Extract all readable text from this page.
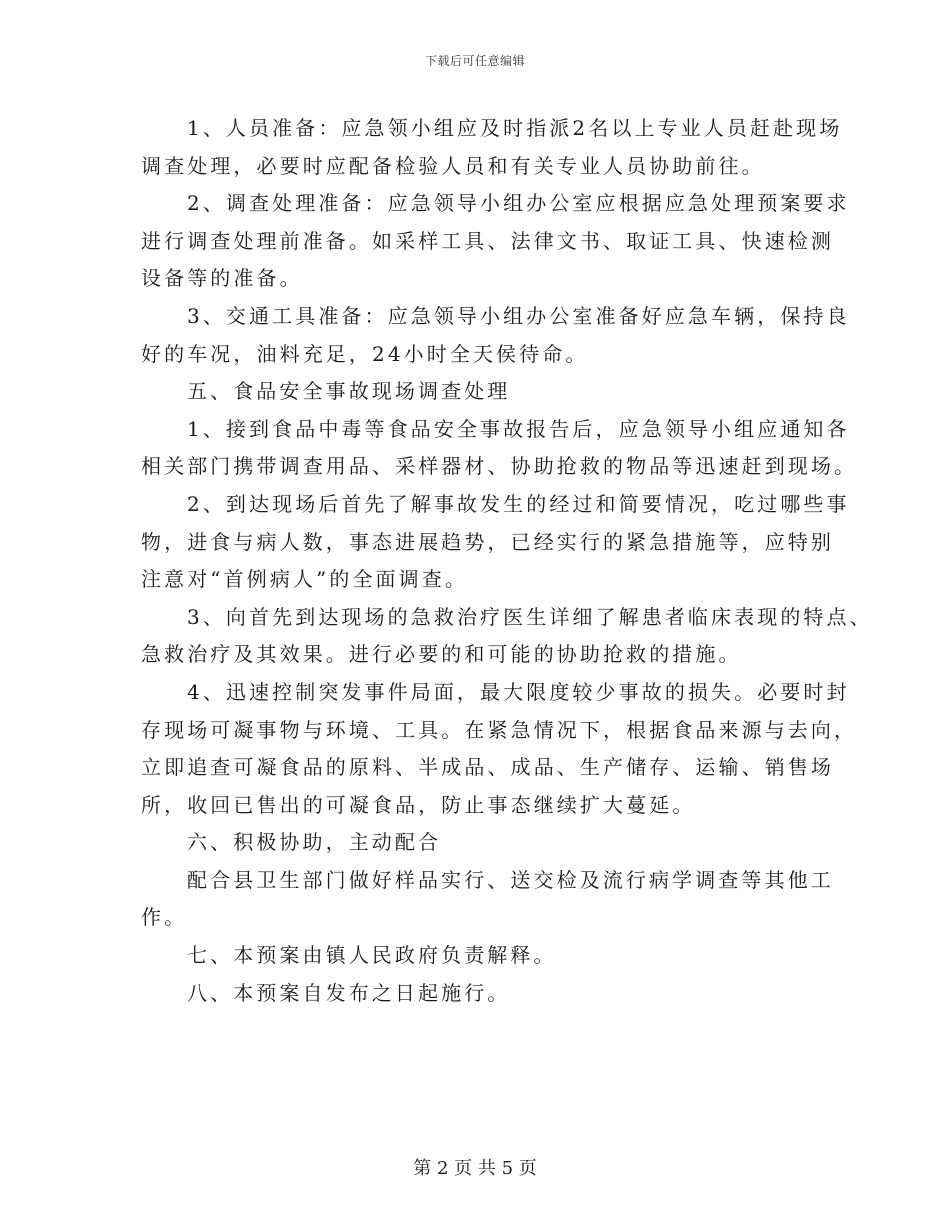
下载后可任意编辑
1、人员准备：应急领小组应及时指派2名以上专业人员赶赴现场
调查处理，必要时应配备检验人员和有关专业人员协助前往。
2、调查处理准备：应急领导小组办公室应根据应急处理预案要求
进行调查处理前准备。如采样工具、法律文书、取证工具、快速检测
设备等的准备。
3、交通工具准备：应急领导小组办公室准备好应急车辆，保持良
好的车况，油料充足，24小时全天侯待命。
五、食品安全事故现场调查处理
1、接到食品中毒等食品安全事故报告后，应急领导小组应通知各
相关部门携带调查用品、采样器材、协助抢救的物品等迅速赶到现场。
2、到达现场后首先了解事故发生的经过和简要情况，吃过哪些事
物，进食与病人数，事态进展趋势，已经实行的紧急措施等，应特别
注意对“首例病人”的全面调查。
3、向首先到达现场的急救治疗医生详细了解患者临床表现的特点、
急救治疗及其效果。进行必要的和可能的协助抢救的措施。
4、迅速控制突发事件局面，最大限度较少事故的损失。必要时封
存现场可凝事物与环境、工具。在紧急情况下，根据食品来源与去向，
立即追查可凝食品的原料、半成品、成品、生产储存、运输、销售场
所，收回已售出的可凝食品，防止事态继续扩大蔓延。
六、积极协助，主动配合
配合县卫生部门做好样品实行、送交检及流行病学调查等其他工
作。
七、本预案由镇人民政府负责解释。
八、本预案自发布之日起施行。
第 2 页 共 5 页
